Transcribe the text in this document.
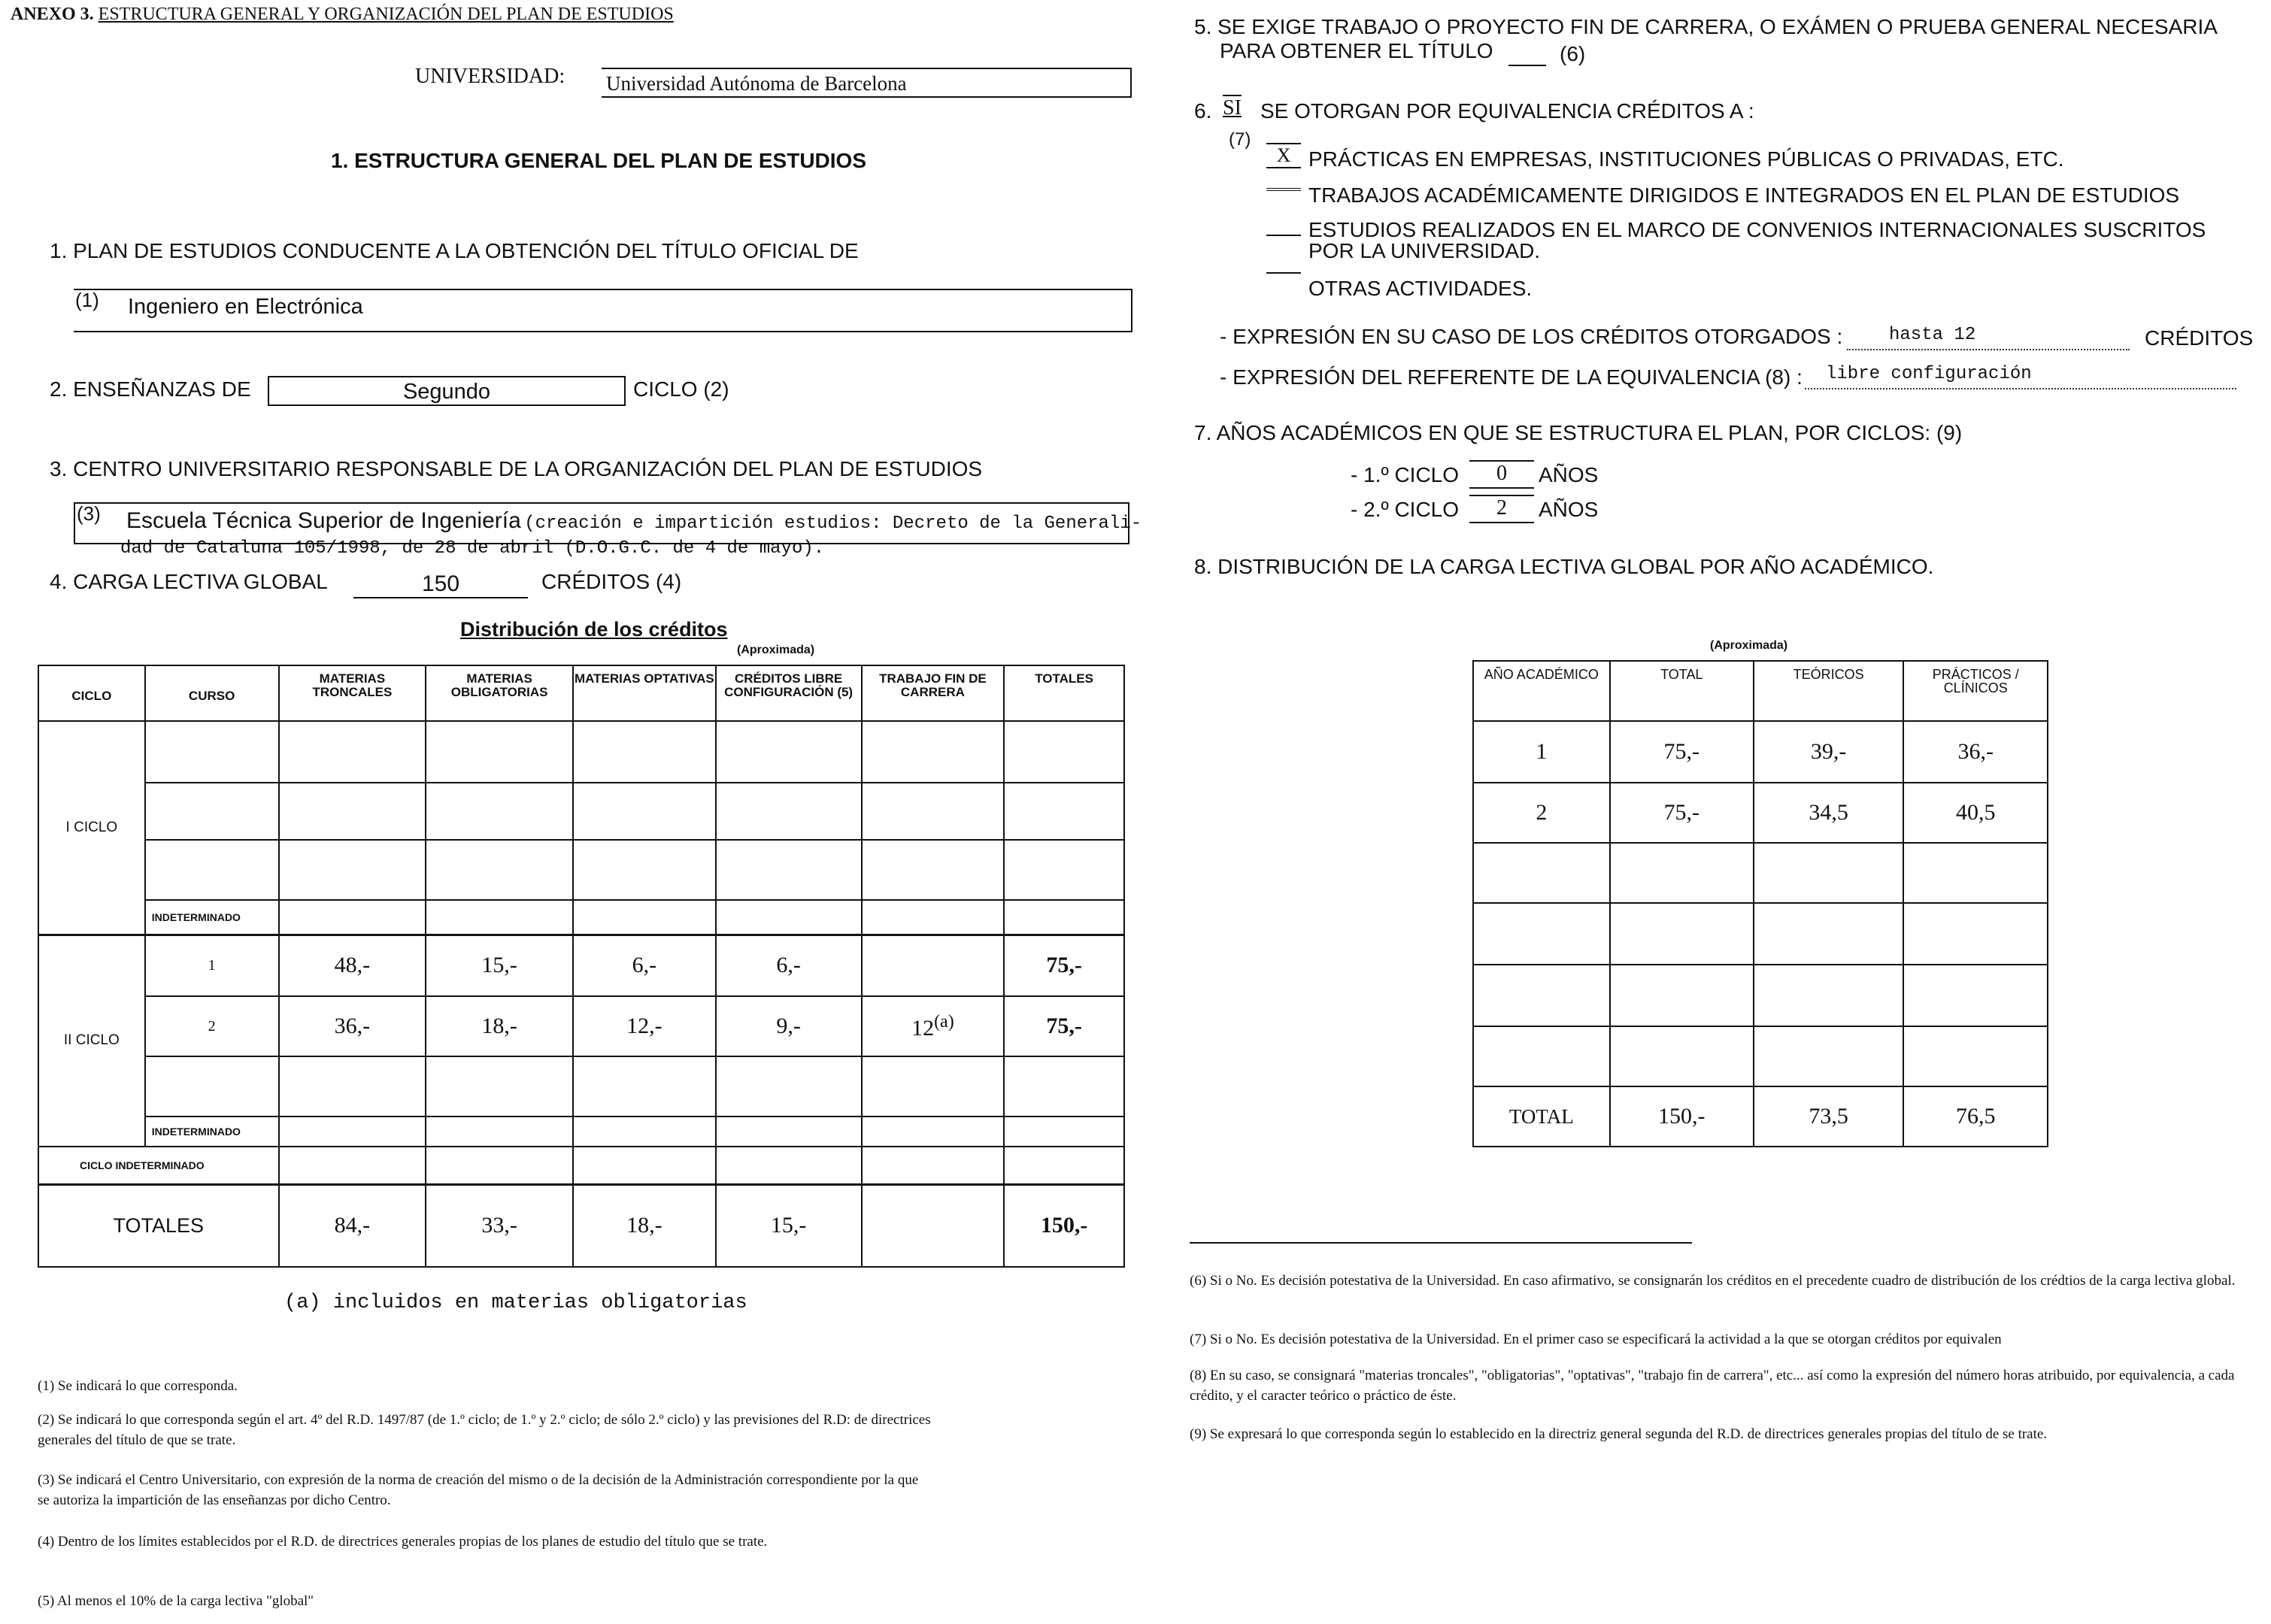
ANEXO 3. ESTRUCTURA GENERAL Y ORGANIZACIÓN DEL PLAN DE ESTUDIOS
UNIVERSIDAD: Universidad Autónoma de Barcelona
1. ESTRUCTURA GENERAL DEL PLAN DE ESTUDIOS
1. PLAN DE ESTUDIOS CONDUCENTE A LA OBTENCIÓN DEL TÍTULO OFICIAL DE
(1) Ingeniero en Electrónica
2. ENSEÑANZAS DE	Segundo	CICLO (2)
3. CENTRO UNIVERSITARIO RESPONSABLE DE LA ORGANIZACIÓN DEL PLAN DE ESTUDIOS
(3) Escuela Técnica Superior de Ingeniería (creación e impartición estudios: Decreto de la Generali-
dad de Cataluna 105/1998, de 28 de abril (D.O.G.C. de 4 de mayo).
4. CARGA LECTIVA GLOBAL	150	CRÉDITOS (4)
Distribución de los créditos
(Aproximada)
CICLO	CURSO	MATERIAS TRONCALES	MATERIAS OBLIGATORIAS	MATERIAS OPTATIVAS	CRÉDITOS LIBRE CONFIGURACIÓN (5)	TRABAJO FIN DE CARRERA	TOTALES
I CICLO							

	INDETERMINADO						
II CICLO	1	48,-	15,-	6,-	6,-		75,-
	2	36,-	18,-	12,-	9,-	12$^{(a)}$	75,-

	INDETERMINADO						
CICLO INDETERMINADO							
TOTALES		84,-	33,-	18,-	15,-		150,-
(a) incluidos en materias obligatorias
(1) Se indicará lo que corresponda.
(2) Se indicará lo que corresponda según el art. 4º del R.D. 1497/87 (de 1.º ciclo; de 1.º y 2.º ciclo; de sólo 2.º ciclo) y las previsiones del R.D: de directrices generales del título de que se trate.
(3) Se indicará el Centro Universitario, con expresión de la norma de creación del mismo o de la decisión de la Administración correspondiente por la que se autoriza la impartición de las enseñanzas por dicho Centro.
(4) Dentro de los límites establecidos por el R.D. de directrices generales propias de los planes de estudio del título que se trate.
(5) Al menos el 10% de la carga lectiva "global"
5. SE EXIGE TRABAJO O PROYECTO FIN DE CARRERA, O EXÁMEN O PRUEBA GENERAL NECESARIA
PARA OBTENER EL TÍTULO	(6)
6. SI SE OTORGAN POR EQUIVALENCIA CRÉDITOS A :
(7)
X PRÁCTICAS EN EMPRESAS, INSTITUCIONES PÚBLICAS O PRIVADAS, ETC.
TRABAJOS ACADÉMICAMENTE DIRIGIDOS E INTEGRADOS EN EL PLAN DE ESTUDIOS
ESTUDIOS REALIZADOS EN EL MARCO DE CONVENIOS INTERNACIONALES SUSCRITOS POR LA UNIVERSIDAD.
OTRAS ACTIVIDADES.
- EXPRESIÓN EN SU CASO DE LOS CRÉDITOS OTORGADOS :	hasta 12	CRÉDITOS
- EXPRESIÓN DEL REFERENTE DE LA EQUIVALENCIA (8) : libre configuración
7. AÑOS ACADÉMICOS EN QUE SE ESTRUCTURA EL PLAN, POR CICLOS: (9)
- 1.º CICLO	0	AÑOS
- 2.º CICLO	2	AÑOS
8. DISTRIBUCIÓN DE LA CARGA LECTIVA GLOBAL POR AÑO ACADÉMICO.
(Aproximada)
AÑO ACADÉMICO	TOTAL	TEÓRICOS	PRÁCTICOS / CLÍNICOS
1	75,-	39,-	36,-
2	75,-	34,5	40,5

TOTAL	150,-	73,5	76,5
(6) Si o No. Es decisión potestativa de la Universidad. En caso afirmativo, se consignarán los créditos en el precedente cuadro de distribución de los crédtios de la carga lectiva global.
(7) Si o No. Es decisión potestativa de la Universidad. En el primer caso se especificará la actividad a la que se otorgan créditos por equivalen
(8) En su caso, se consignará "materias troncales", "obligatorias", "optativas", "trabajo fin de carrera", etc... así como la expresión del número horas atribuido, por equivalencia, a cada crédito, y el caracter teórico o práctico de éste.
(9) Se expresará lo que corresponda según lo establecido en la directriz general segunda del R.D. de directrices generales propias del título de se trate.
